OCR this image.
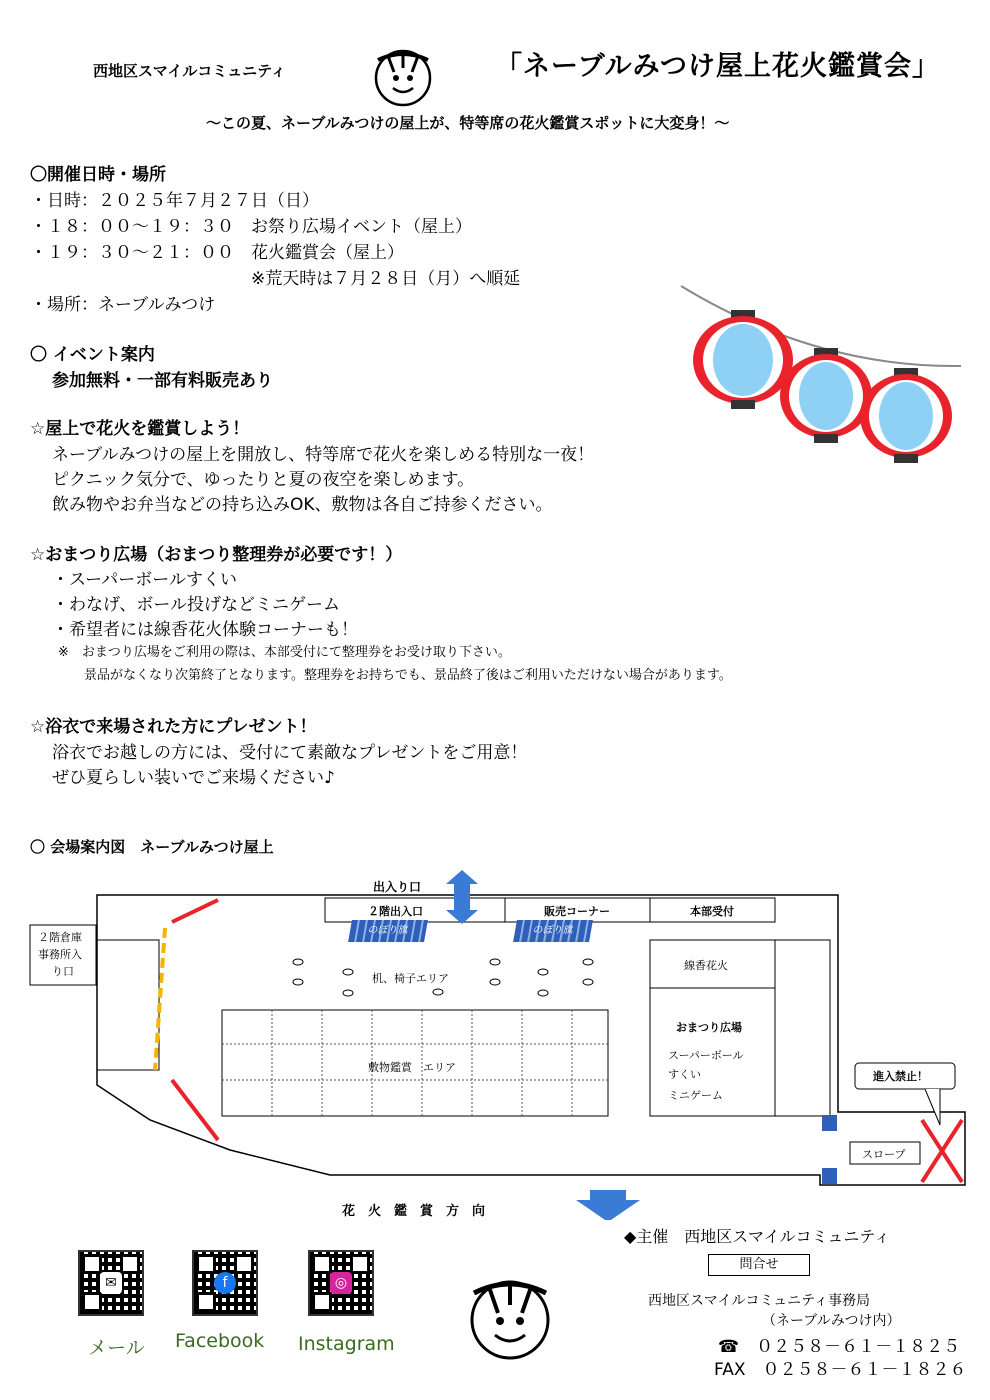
西地区スマイルコミュニティ	「ネーブルみつけ屋上花火鑑賞会」
～この夏、ネーブルみつけの屋上が、特等席の花火鑑賞スポットに大変身！～
〇開催日時・場所
・日時：２０２５年７月２７日（日）
・１８：００～１９：３０　お祭り広場イベント（屋上）
・１９：３０～２１：００　花火鑑賞会（屋上）
　　　　　　　　　　　　　※荒天時は７月２８日（月）へ順延
・場所：ネーブルみつけ
〇 イベント案内
参加無料・一部有料販売あり
☆屋上で花火を鑑賞しよう！
ネーブルみつけの屋上を開放し、特等席で花火を楽しめる特別な一夜！
ピクニック気分で、ゆったりと夏の夜空を楽しめます。
飲み物やお弁当などの持ち込みOK、敷物は各自ご持参ください。
☆おまつり広場（おまつり整理券が必要です！）
・スーパーボールすくい
・わなげ、ボール投げなどミニゲーム
・希望者には線香花火体験コーナーも！
※　おまつり広場をご利用の際は、本部受付にて整理券をお受け取り下さい。
景品がなくなり次第終了となります。整理券をお持ちでも、景品終了後はご利用いただけない場合があります。
☆浴衣で来場された方にプレゼント！
浴衣でお越しの方には、受付にて素敵なプレゼントをご用意！
ぜひ夏らしい装いでご来場ください♪
〇 会場案内図　ネーブルみつけ屋上
出入り口
２階倉庫
事務所入
り口
２階出入口	販売コーナー	本部受付
のぼり旗	のぼり旗
机、椅子エリア
敷物鑑賞　エリア
線香花火
おまつり広場
スーパーボール
すくい
ミニゲーム
進入禁止！
スロープ
花　火　鑑　賞　方　向
◆主催　西地区スマイルコミュニティ
問合せ
西地区スマイルコミュニティ事務局
（ネーブルみつけ内）
☎　０２５８－６１－１８２５
FAX　０２５８－６１－１８２６
✉
メール
f
Facebook
◎
Instagram
